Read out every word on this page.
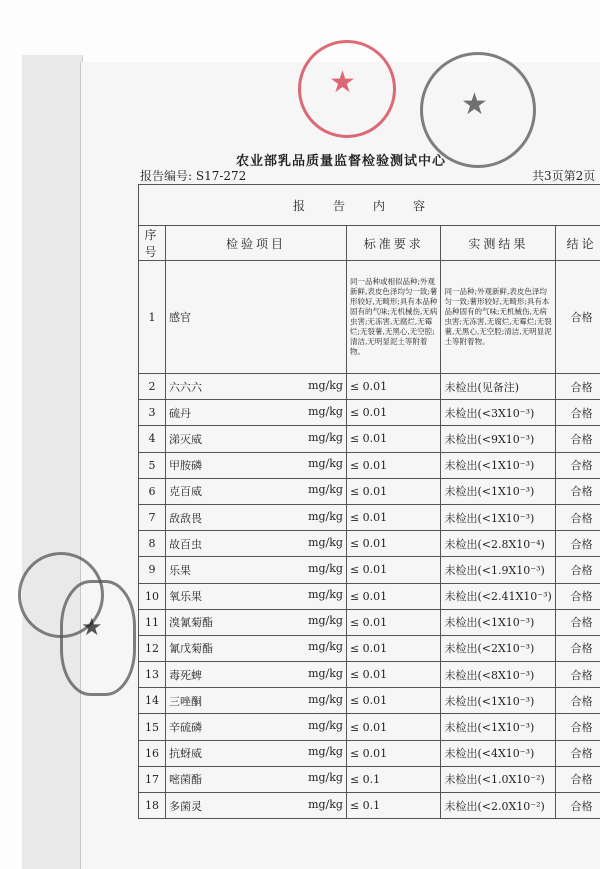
★
★
★
农业部乳品质量监督检验测试中心
报告编号: S17-272	共3页第2页
报告内容				
序号	检验项目	标准要求	实测结果	结论
1	感官	同一品种或相似品种;外观新鲜,表皮色泽均匀一致;薯形较好,无畸形;具有本品种固有的气味;无机械伤,无病虫害;无冻害,无腐烂,无霉烂;无裂薯,无黑心,无空腔;清洁,无明显泥土等附着物。	同一品种;外观新鲜,表皮色泽均匀一致;薯形较好,无畸形;具有本品种固有的气味;无机械伤,无病虫害;无冻害,无腐烂,无霉烂;无裂薯,无黑心,无空腔;清洁,无明显泥土等附着物。	合格
2	六六六 mg/kg	≤ 0.01	未检出(见备注)	合格
3	硫丹 mg/kg	≤ 0.01	未检出(<3X10⁻³)	合格
4	涕灭威 mg/kg	≤ 0.01	未检出(<9X10⁻³)	合格
5	甲胺磷 mg/kg	≤ 0.01	未检出(<1X10⁻³)	合格
6	克百威 mg/kg	≤ 0.01	未检出(<1X10⁻³)	合格
7	敌敌畏 mg/kg	≤ 0.01	未检出(<1X10⁻³)	合格
8	故百虫 mg/kg	≤ 0.01	未检出(<2.8X10⁻⁴)	合格
9	乐果 mg/kg	≤ 0.01	未检出(<1.9X10⁻³)	合格
10	氧乐果 mg/kg	≤ 0.01	未检出(<2.41X10⁻³)	合格
11	溴氰菊酯 mg/kg	≤ 0.01	未检出(<1X10⁻³)	合格
12	氰戊菊酯 mg/kg	≤ 0.01	未检出(<2X10⁻³)	合格
13	毒死蜱 mg/kg	≤ 0.01	未检出(<8X10⁻³)	合格
14	三唑酮 mg/kg	≤ 0.01	未检出(<1X10⁻³)	合格
15	辛硫磷 mg/kg	≤ 0.01	未检出(<1X10⁻³)	合格
16	抗蚜威 mg/kg	≤ 0.01	未检出(<4X10⁻³)	合格
17	嘧菌酯 mg/kg	≤ 0.1	未检出(<1.0X10⁻²)	合格
18	多菌灵 mg/kg	≤ 0.1	未检出(<2.0X10⁻²)	合格
